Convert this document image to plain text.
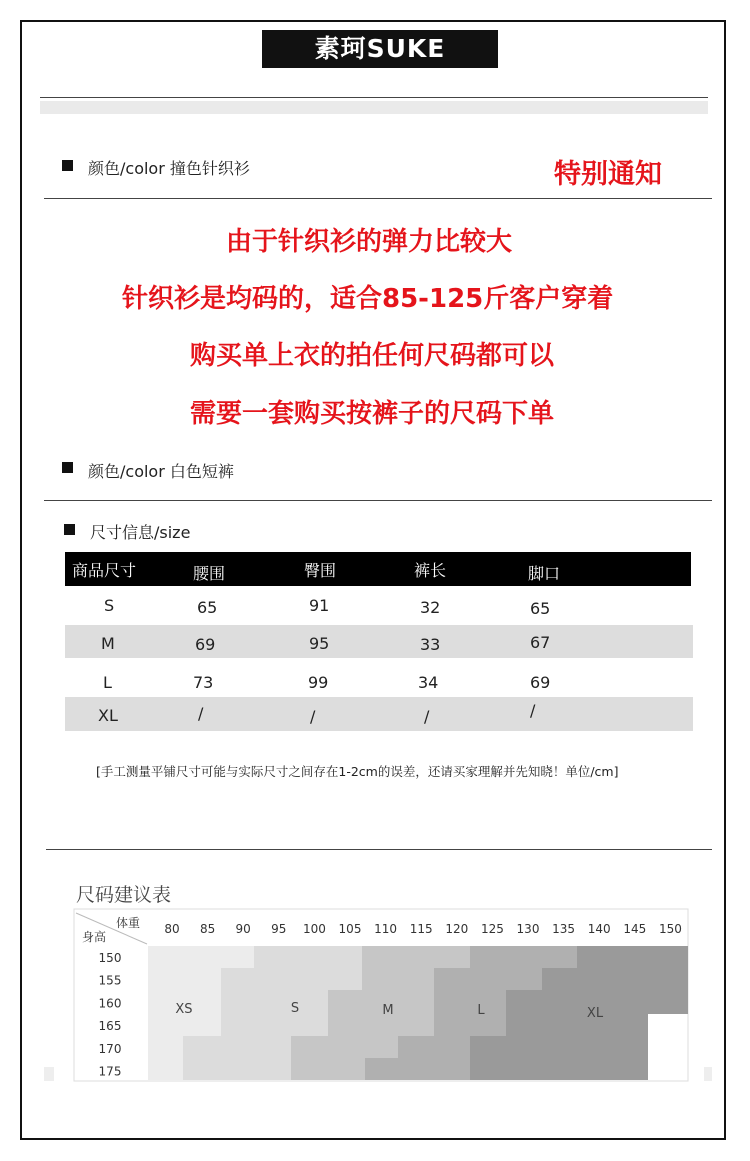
素珂SUKE
颜色/color 撞色针织衫	特别通知
由于针织衫的弹力比较大
针织衫是均码的，适合85-125斤客户穿着
购买单上衣的拍任何尺码都可以
需要一套购买按裤子的尺码下单
颜色/color 白色短裤
尺寸信息/size
商品尺寸	腰围	臀围	裤长	脚口
S	65	91	32	65
M	69	95	33	67
L	73	99	34	69
XL	/	/	/	/
[手工测量平铺尺寸可能与实际尺寸之间存在1-2cm的误差，还请买家理解并先知晓！单位/cm]
尺码建议表
体重
身高
80 85 90 95 100 105 110 115 120 125 130 135 140 145 150
150
155
160
165
170
175
XS	S	M	L	XL
